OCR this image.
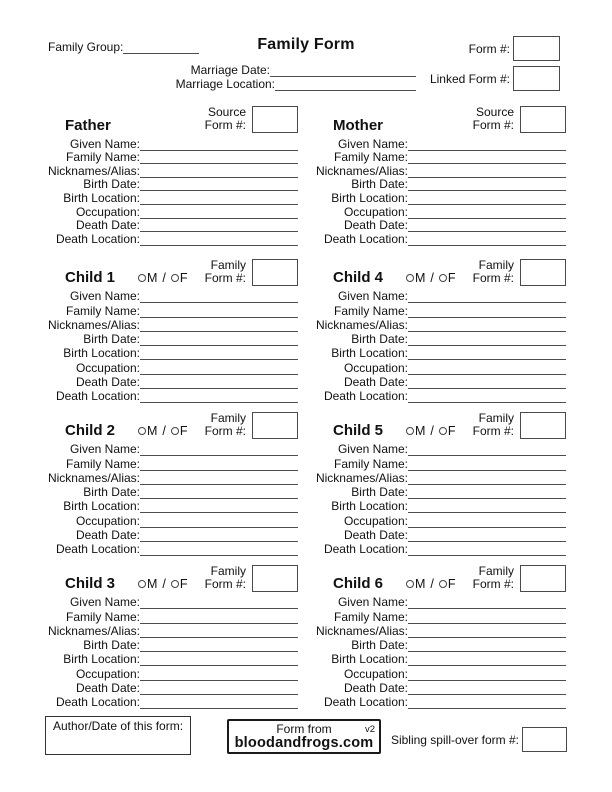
Family Group:	Family Form	Form #:
Linked Form #:
Marriage Date:
Marriage Location:
Father
Source
Form #:
Given Name:
Family Name:
Nicknames/Alias:
Birth Date:
Birth Location:
Occupation:
Death Date:
Death Location:
Mother
Source
Form #:
Given Name:
Family Name:
Nicknames/Alias:
Birth Date:
Birth Location:
Occupation:
Death Date:
Death Location:
Child 1	M / F
Family
Form #:
Given Name:
Family Name:
Nicknames/Alias:
Birth Date:
Birth Location:
Occupation:
Death Date:
Death Location:
Child 2	M / F
Family
Form #:
Given Name:
Family Name:
Nicknames/Alias:
Birth Date:
Birth Location:
Occupation:
Death Date:
Death Location:
Child 3	M / F
Family
Form #:
Given Name:
Family Name:
Nicknames/Alias:
Birth Date:
Birth Location:
Occupation:
Death Date:
Death Location:
Child 4	M / F
Family
Form #:
Given Name:
Family Name:
Nicknames/Alias:
Birth Date:
Birth Location:
Occupation:
Death Date:
Death Location:
Child 5	M / F
Family
Form #:
Given Name:
Family Name:
Nicknames/Alias:
Birth Date:
Birth Location:
Occupation:
Death Date:
Death Location:
Child 6	M / F
Family
Form #:
Given Name:
Family Name:
Nicknames/Alias:
Birth Date:
Birth Location:
Occupation:
Death Date:
Death Location:
Author/Date of this form:	Form from	v2
bloodandfrogs.com	Sibling spill-over form #:
